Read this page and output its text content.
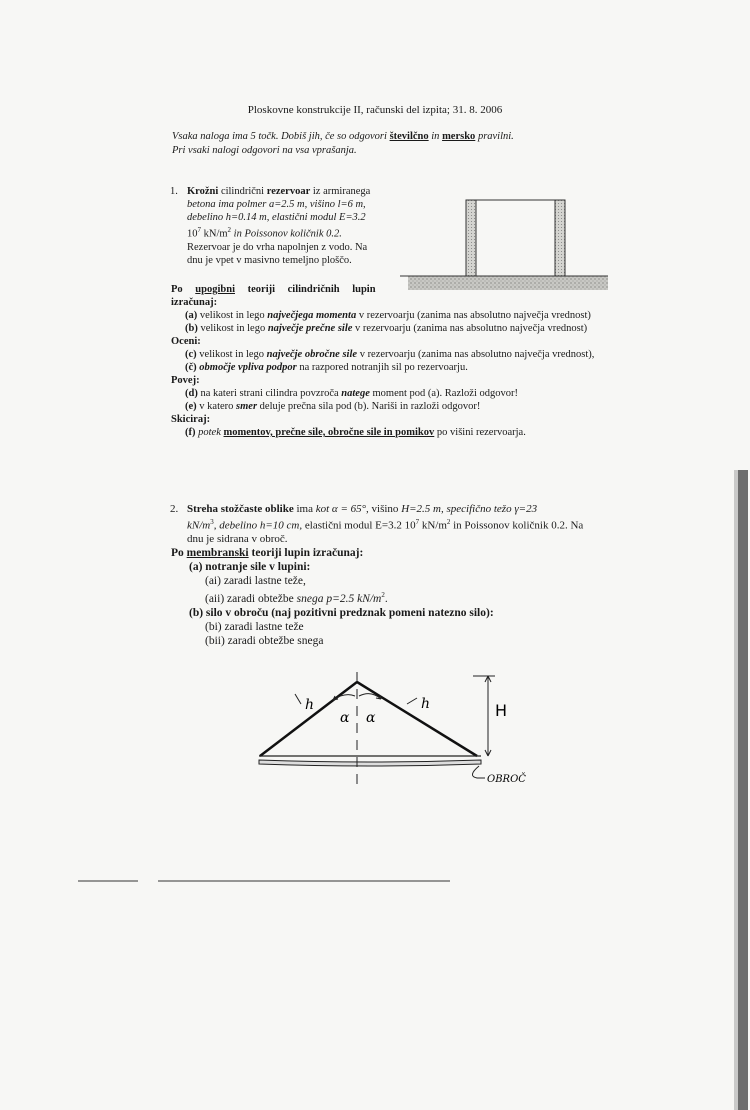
Ploskovne konstrukcije II, računski del izpita; 31. 8. 2006
Vsaka naloga ima 5 točk. Dobiš jih, če so odgovori številčno in mersko pravilni.
Pri vsaki nalogi odgovori na vsa vprašanja.
1. Krožni cilindrični rezervoar iz armiranega
betona ima polmer a=2.5 m, višino l=6 m,
debelino h=0.14 m, elastični modul E=3.2
$10^7$ $kN/m^2$ in Poissonov količnik 0.2.
Rezervoar je do vrha napolnjen z vodo. Na
dnu je vpet v masivno temeljno ploščo.
Po upogibni teoriji cilindričnih lupin
izračunaj:
(a) velikost in lego največjega momenta v rezervoarju (zanima nas absolutno največja vrednost)
(b) velikost in lego največje prečne sile v rezervoarju (zanima nas absolutno največja vrednost)
Oceni:
(c) velikost in lego največje obročne sile v rezervoarju (zanima nas absolutno največja vrednost),
(č) območje vpliva podpor na razpored notranjih sil po rezervoarju.
Povej:
(d) na kateri strani cilindra povzroča natege moment pod (a). Razloži odgovor!
(e) v katero smer deluje prečna sila pod (b). Nariši in razloži odgovor!
Skiciraj:
(f) potek momentov, prečne sile, obročne sile in pomikov po višini rezervoarja.
2. Streha stožčaste oblike ima kot α = 65°, višino H=2.5 m, specifično težo γ=23
$kN/m^3$, debelino h=10 cm, elastični modul E=3.2 $10^7$ $kN/m^2$ in Poissonov količnik 0.2. Na
dnu je sidrana v obroč.
Po membranski teoriji lupin izračunaj:
(a) notranje sile v lupini:
(ai) zaradi lastne teže,
(aii) zaradi obtežbe snega p=2.5 $kN/m^2$.
(b) silo v obroču (naj pozitivni predznak pomeni natezno silo):
(bi) zaradi lastne teže
(bii) zaradi obtežbe snega
α α
h	h	H
OBROČ
